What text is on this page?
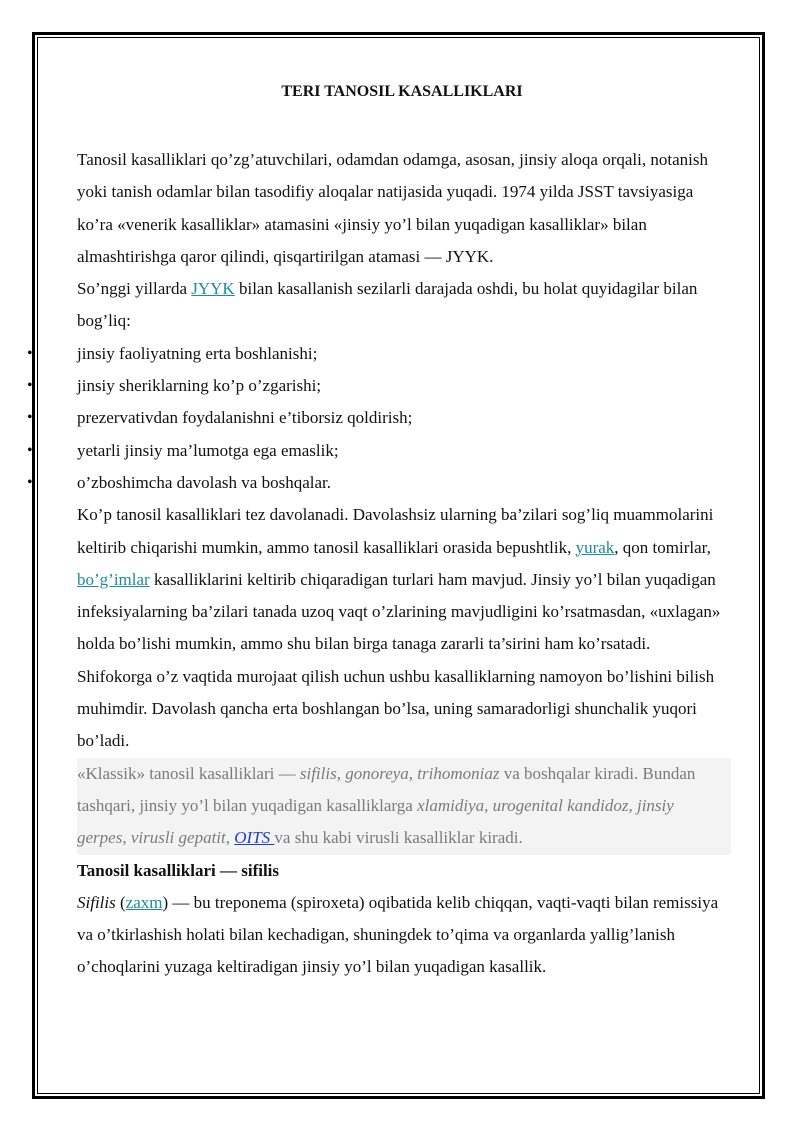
TERI TANOSIL KASALLIKLARI

Tanosil kasalliklari qo’zg’atuvchilari, odamdan odamga, asosan, jinsiy aloqa orqali, notanish yoki tanish odamlar bilan tasodifiy aloqalar natijasida yuqadi. 1974 yilda JSST tavsiyasiga ko’ra «venerik kasalliklar» atamasini «jinsiy yo’l bilan yuqadigan kasalliklar» bilan almashtirishga qaror qilindi, qisqartirilgan atamasi — JYYK.

So’nggi yillarda JYYK bilan kasallanish sezilarli darajada oshdi, bu holat quyidagilar bilan bog’liq:

• jinsiy faoliyatning erta boshlanishi;
• jinsiy sheriklarning ko’p o’zgarishi;
• prezervativdan foydalanishni e’tiborsiz qoldirish;
• yetarli jinsiy ma’lumotga ega emaslik;
• o’zboshimcha davolash va boshqalar.

Ko’p tanosil kasalliklari tez davolanadi. Davolashsiz ularning ba’zilari sog’liq muammolarini keltirib chiqarishi mumkin, ammo tanosil kasalliklari orasida bepushtlik, yurak, qon tomirlar, bo’g’imlar kasalliklarini keltirib chiqaradigan turlari ham mavjud. Jinsiy yo’l bilan yuqadigan infeksiyalarning ba’zilari tanada uzoq vaqt o’zlarining mavjudligini ko’rsatmasdan, «uxlagan» holda bo’lishi mumkin, ammo shu bilan birga tanaga zararli ta’sirini ham ko’rsatadi. Shifokorga o’z vaqtida murojaat qilish uchun ushbu kasalliklarning namoyon bo’lishini bilish muhimdir. Davolash qancha erta boshlangan bo’lsa, uning samaradorligi shunchalik yuqori bo’ladi.

«Klassik» tanosil kasalliklari — sifilis, gonoreya, trihomoniaz va boshqalar kiradi. Bundan tashqari, jinsiy yo’l bilan yuqadigan kasalliklarga xlamidiya, urogenital kandidoz, jinsiy gerpes, virusli gepatit, OITS va shu kabi virusli kasalliklar kiradi.

Tanosil kasalliklari — sifilis

Sifilis (zaxm) — bu treponema (spiroxeta) oqibatida kelib chiqqan, vaqti-vaqti bilan remissiya va o’tkirlashish holati bilan kechadigan, shuningdek to’qima va organlarda yallig’lanish o’choqlarini yuzaga keltiradigan jinsiy yo’l bilan yuqadigan kasallik.
